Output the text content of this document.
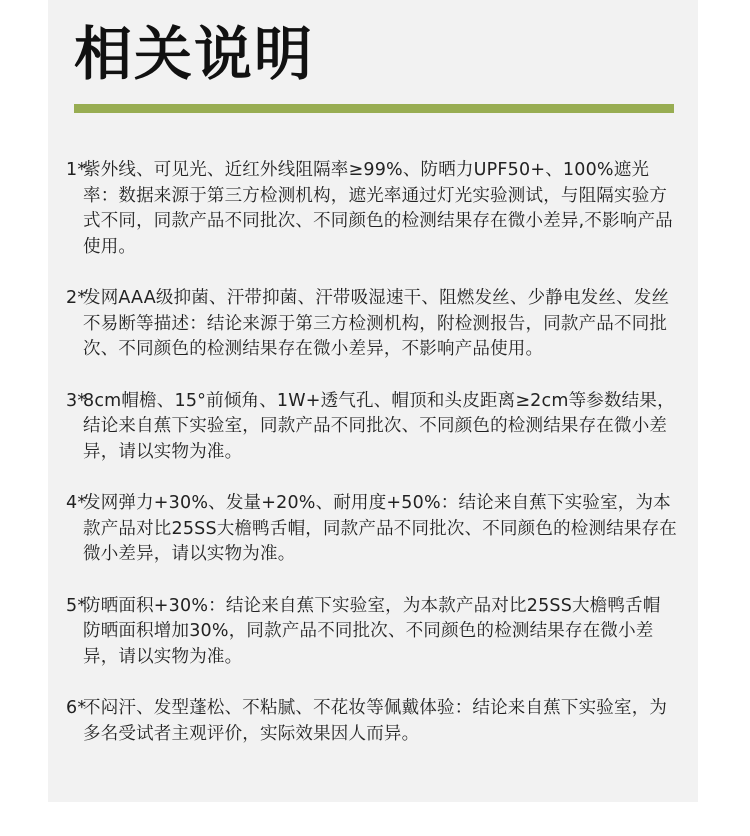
相关说明
1*
紫外线、可见光、近红外线阻隔率≥99%、防晒力UPF50+、100%遮光率：数据来源于第三方检测机构，遮光率通过灯光实验测试，与阻隔实验方式不同，同款产品不同批次、不同颜色的检测结果存在微小差异,不影响产品使用。
2*
发网AAA级抑菌、汗带抑菌、汗带吸湿速干、阻燃发丝、少静电发丝、发丝不易断等描述：结论来源于第三方检测机构，附检测报告，同款产品不同批次、不同颜色的检测结果存在微小差异，不影响产品使用。
3*
8cm帽檐、15°前倾角、1W+透气孔、帽顶和头皮距离≥2cm等参数结果，结论来自蕉下实验室，同款产品不同批次、不同颜色的检测结果存在微小差异，请以实物为准。
4*
发网弹力+30%、发量+20%、耐用度+50%：结论来自蕉下实验室，为本款产品对比25SS大檐鸭舌帽，同款产品不同批次、不同颜色的检测结果存在微小差异，请以实物为准。
5*
防晒面积+30%：结论来自蕉下实验室，为本款产品对比25SS大檐鸭舌帽防晒面积增加30%，同款产品不同批次、不同颜色的检测结果存在微小差异，请以实物为准。
6*
不闷汗、发型蓬松、不粘腻、不花妆等佩戴体验：结论来自蕉下实验室，为多名受试者主观评价，实际效果因人而异。
